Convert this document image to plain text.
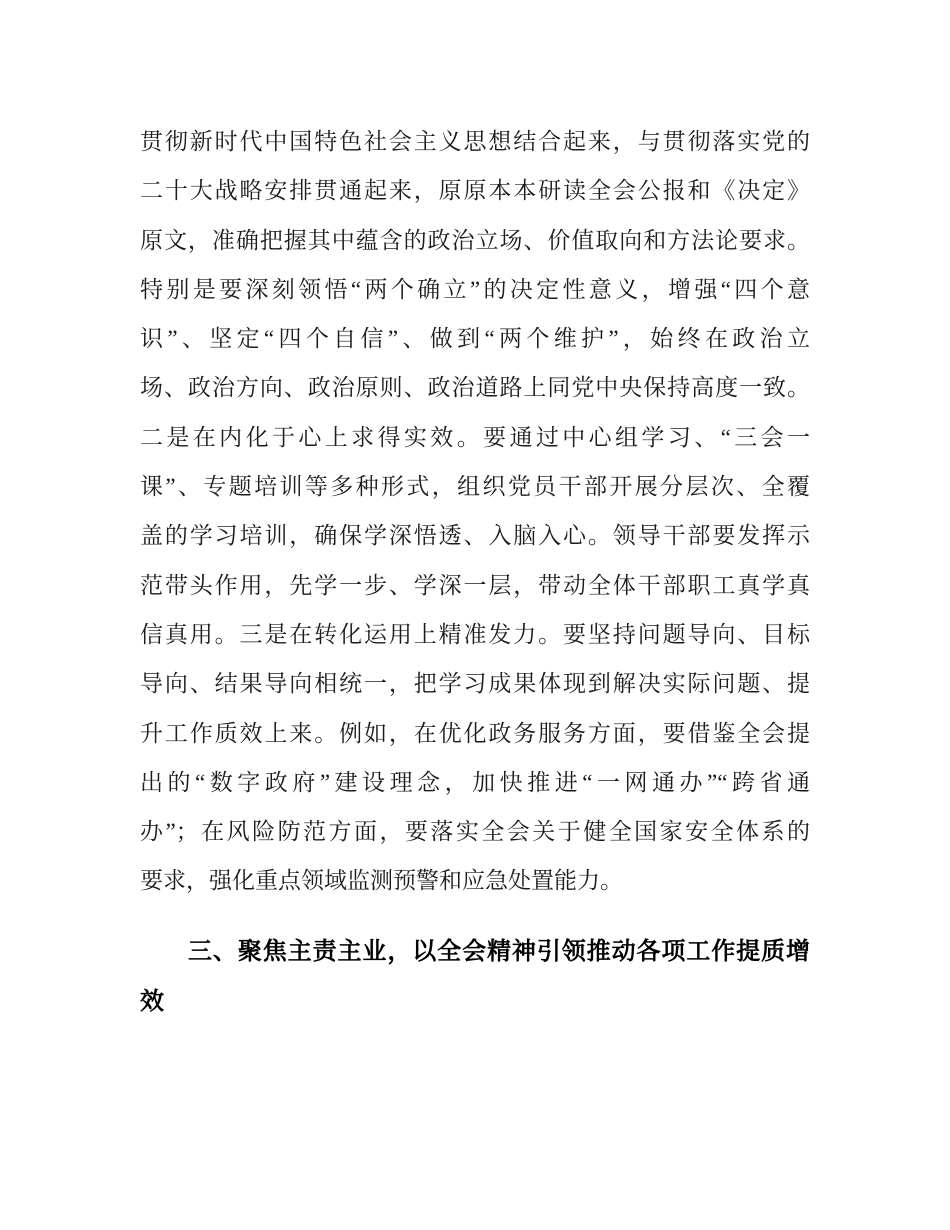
贯彻新时代中国特色社会主义思想结合起来，与贯彻落实党的
二十大战略安排贯通起来，原原本本研读全会公报和《决定》
原文，准确把握其中蕴含的政治立场、价值取向和方法论要求。
特别是要深刻领悟“两个确立”的决定性意义，增强“四个意
识”、坚定“四个自信”、做到“两个维护”，始终在政治立
场、政治方向、政治原则、政治道路上同党中央保持高度一致。
二是在内化于心上求得实效。要通过中心组学习、“三会一
课”、专题培训等多种形式，组织党员干部开展分层次、全覆
盖的学习培训，确保学深悟透、入脑入心。领导干部要发挥示
范带头作用，先学一步、学深一层，带动全体干部职工真学真
信真用。三是在转化运用上精准发力。要坚持问题导向、目标
导向、结果导向相统一，把学习成果体现到解决实际问题、提
升工作质效上来。例如，在优化政务服务方面，要借鉴全会提
出的“数字政府”建设理念，加快推进“一网通办”“跨省通
办”；在风险防范方面，要落实全会关于健全国家安全体系的
要求，强化重点领域监测预警和应急处置能力。
三、聚焦主责主业，以全会精神引领推动各项工作提质增
效
